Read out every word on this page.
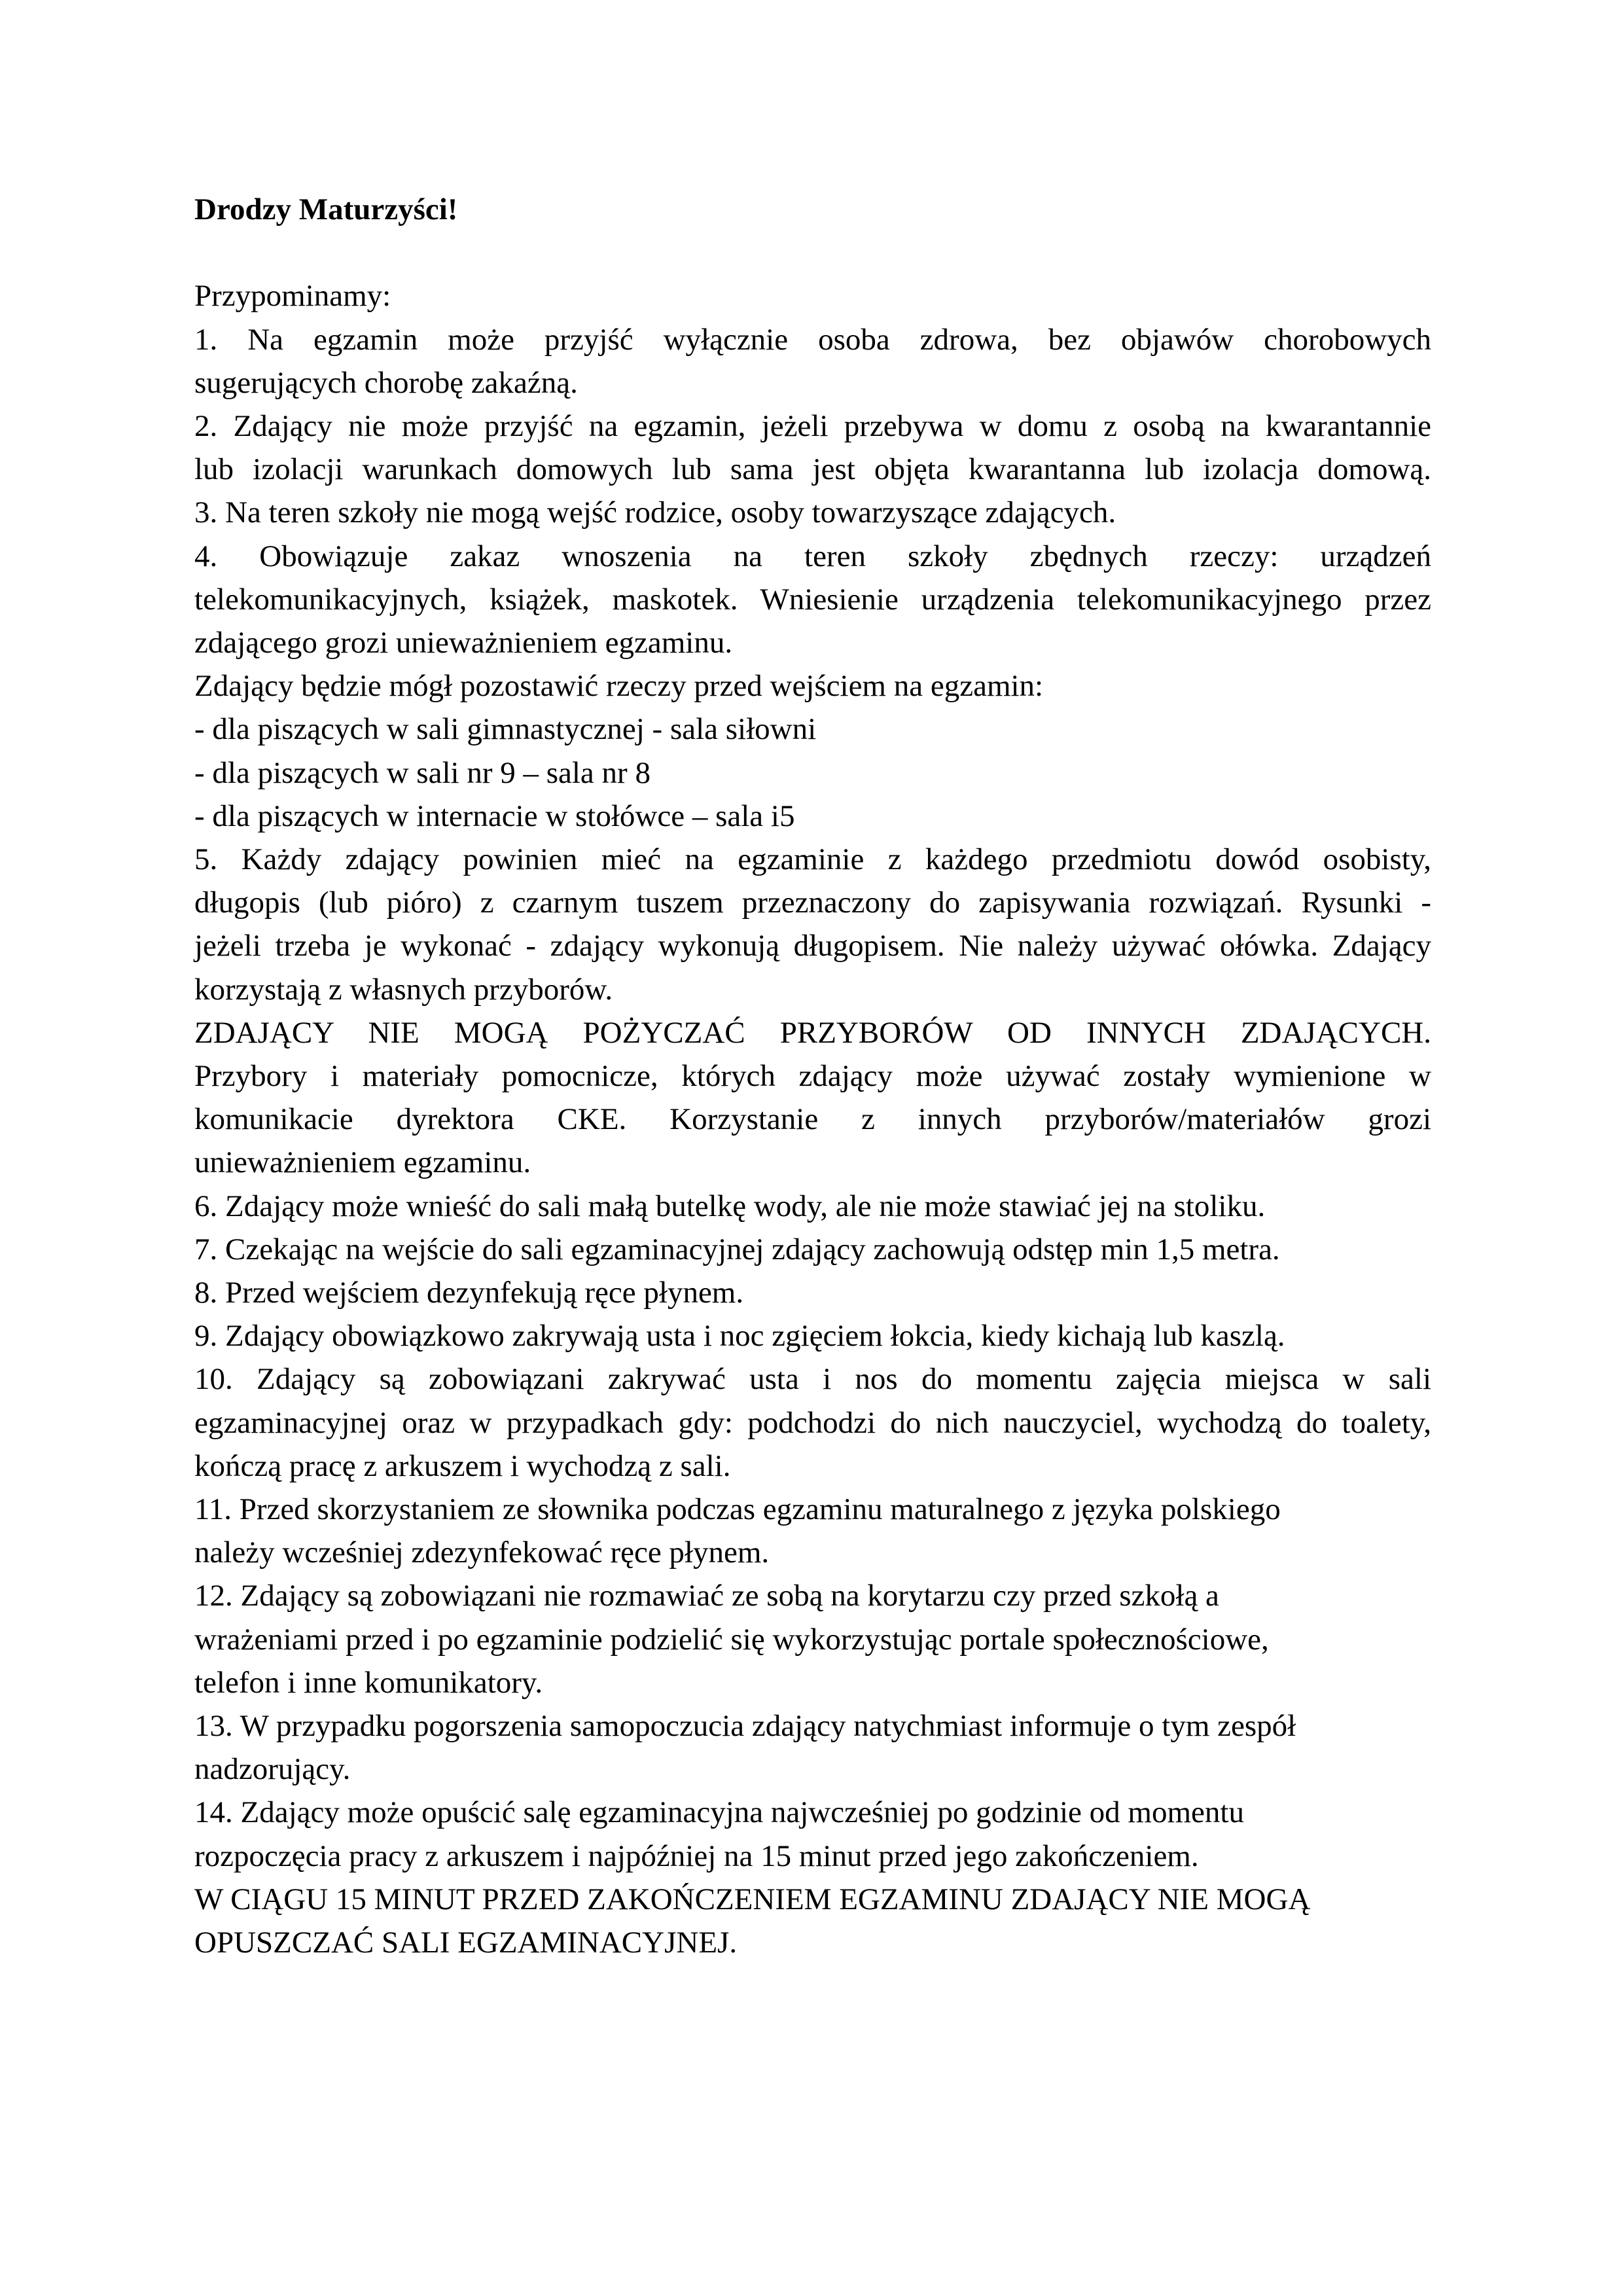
Drodzy Maturzyści!

Przypominamy:

1. Na egzamin może przyjść wyłącznie osoba zdrowa, bez objawów chorobowych

sugerujących chorobę zakaźną.

2. Zdający nie może przyjść na egzamin, jeżeli przebywa w domu z osobą na kwarantannie

lub izolacji warunkach domowych lub sama jest objęta kwarantanna lub izolacja domową.

3. Na teren szkoły nie mogą wejść rodzice, osoby towarzyszące zdających.

4. Obowiązuje zakaz wnoszenia na teren szkoły zbędnych rzeczy: urządzeń

telekomunikacyjnych, książek, maskotek. Wniesienie urządzenia telekomunikacyjnego przez

zdającego grozi unieważnieniem egzaminu.

Zdający będzie mógł pozostawić rzeczy przed wejściem na egzamin:

- dla piszących w sali gimnastycznej - sala siłowni

- dla piszących w sali nr 9 – sala nr 8

- dla piszących w internacie w stołówce – sala i5

5. Każdy zdający powinien mieć na egzaminie z każdego przedmiotu dowód osobisty,

długopis (lub pióro) z czarnym tuszem przeznaczony do zapisywania rozwiązań. Rysunki -

jeżeli trzeba je wykonać - zdający wykonują długopisem. Nie należy używać ołówka. Zdający

korzystają z własnych przyborów.

ZDAJĄCY NIE MOGĄ POŻYCZAĆ PRZYBORÓW OD INNYCH ZDAJĄCYCH.

Przybory i materiały pomocnicze, których zdający może używać zostały wymienione w

komunikacie dyrektora CKE. Korzystanie z innych przyborów/materiałów grozi

unieważnieniem egzaminu.

6. Zdający może wnieść do sali małą butelkę wody, ale nie może stawiać jej na stoliku.

7. Czekając na wejście do sali egzaminacyjnej zdający zachowują odstęp min 1,5 metra.

8. Przed wejściem dezynfekują ręce płynem.

9. Zdający obowiązkowo zakrywają usta i noc zgięciem łokcia, kiedy kichają lub kaszlą.

10. Zdający są zobowiązani zakrywać usta i nos do momentu zajęcia miejsca w sali

egzaminacyjnej oraz w przypadkach gdy: podchodzi do nich nauczyciel, wychodzą do toalety,

kończą pracę z arkuszem i wychodzą z sali.

11. Przed skorzystaniem ze słownika podczas egzaminu maturalnego z języka polskiego

należy wcześniej zdezynfekować ręce płynem.

12. Zdający są zobowiązani nie rozmawiać ze sobą na korytarzu czy przed szkołą a

wrażeniami przed i po egzaminie podzielić się wykorzystując portale społecznościowe,

telefon i inne komunikatory.

13. W przypadku pogorszenia samopoczucia zdający natychmiast informuje o tym zespół

nadzorujący.

14. Zdający może opuścić salę egzaminacyjna najwcześniej po godzinie od momentu

rozpoczęcia pracy z arkuszem i najpóźniej na 15 minut przed jego zakończeniem.

W CIĄGU 15 MINUT PRZED ZAKOŃCZENIEM EGZAMINU ZDAJĄCY NIE MOGĄ

OPUSZCZAĆ SALI EGZAMINACYJNEJ.
